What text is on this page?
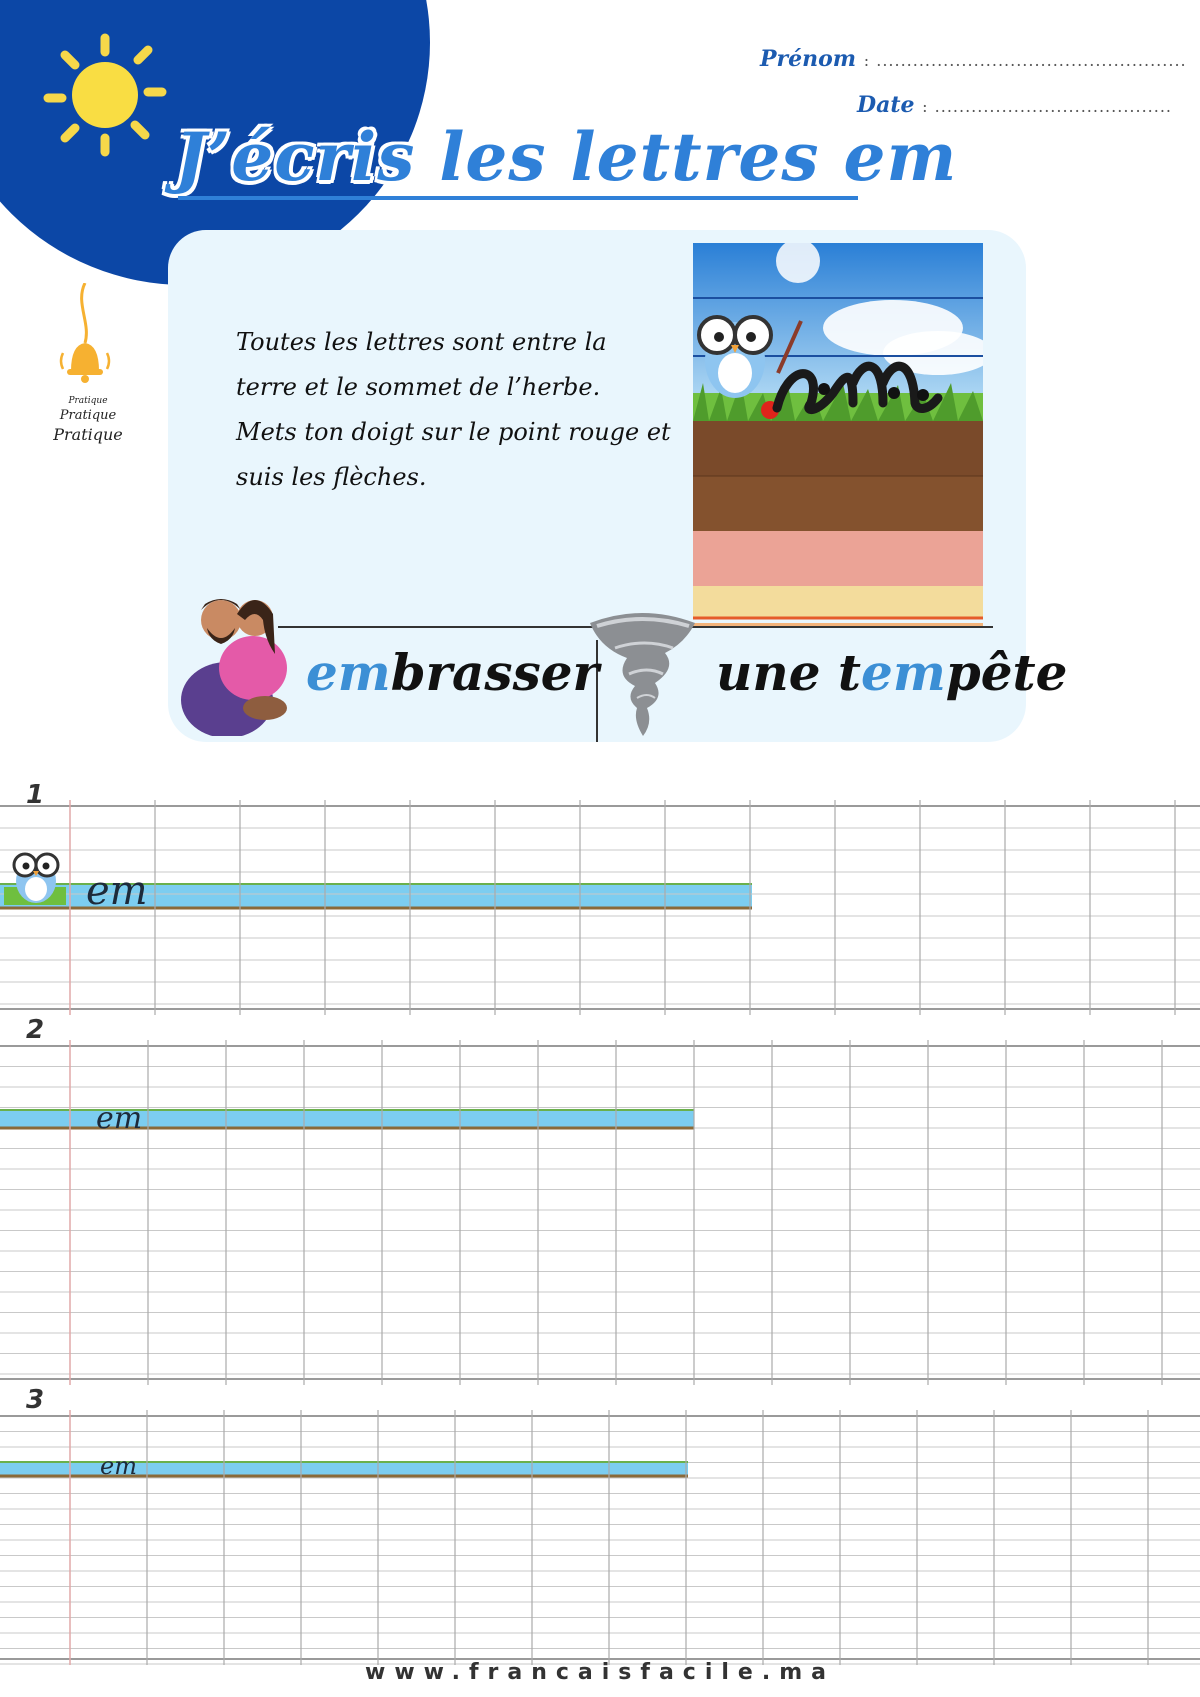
Prénom : ...................................................
Date : .......................................
J’écris les lettres em
Pratique
Pratique
Pratique
Toutes les lettres sont entre la
terre et le sommet de l’herbe.
Mets ton doigt sur le point rouge et
suis les flèches.
embrasser une tempête
1
2
3
em
em
em
www.francaisfacile.ma
